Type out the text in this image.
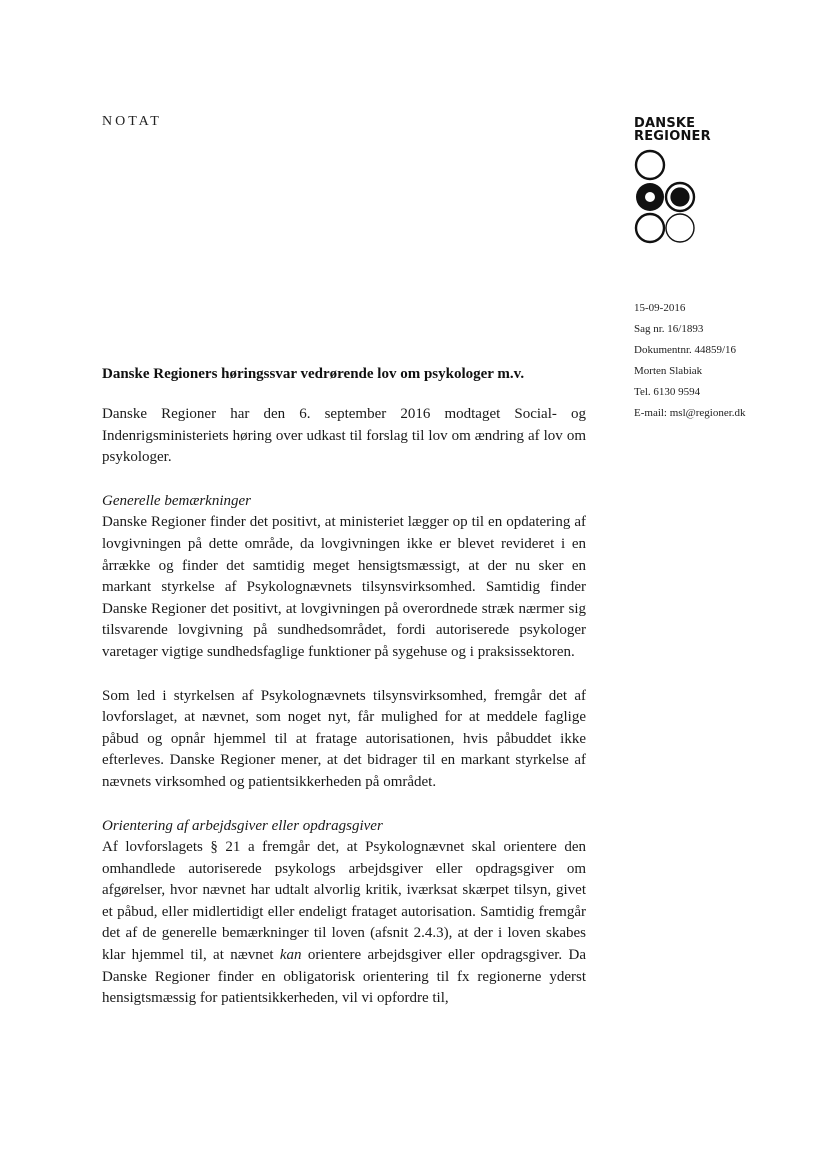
NOTAT	DANSKE
REGIONER
15-09-2016
Sag nr. 16/1893
Dokumentnr. 44859/16
Morten Slabiak
Tel. 6130 9594
E-mail: msl@regioner.dk
Danske Regioners høringssvar vedrørende lov om psykologer m.v.

Danske Regioner har den 6. september 2016 modtaget Social- og Indenrigsministeriets høring over udkast til forslag til lov om ændring af lov om psykologer.

Generelle bemærkninger

Danske Regioner finder det positivt, at ministeriet lægger op til en opdatering af lovgivningen på dette område, da lovgivningen ikke er blevet revideret i en årrække og finder det samtidig meget hensigtsmæssigt, at der nu sker en markant styrkelse af Psykolognævnets tilsynsvirksomhed. Samtidig finder Danske Regioner det positivt, at lovgivningen på overordnede stræk nærmer sig tilsvarende lovgivning på sundhedsområdet, fordi autoriserede psykologer varetager vigtige sundhedsfaglige funktioner på sygehuse og i praksissektoren.

Som led i styrkelsen af Psykolognævnets tilsynsvirksomhed, fremgår det af lovforslaget, at nævnet, som noget nyt, får mulighed for at meddele faglige påbud og opnår hjemmel til at fratage autorisationen, hvis påbuddet ikke efterleves. Danske Regioner mener, at det bidrager til en markant styrkelse af nævnets virksomhed og patientsikkerheden på området.

Orientering af arbejdsgiver eller opdragsgiver

Af lovforslagets § 21 a fremgår det, at Psykolognævnet skal orientere den omhandlede autoriserede psykologs arbejdsgiver eller opdragsgiver om afgørelser, hvor nævnet har udtalt alvorlig kritik, iværksat skærpet tilsyn, givet et påbud, eller midlertidigt eller endeligt frataget autorisation. Samtidig fremgår det af de generelle bemærkninger til loven (afsnit 2.4.3), at der i loven skabes klar hjemmel til, at nævnet kan orientere arbejdsgiver eller opdragsgiver. Da Danske Regioner finder en obligatorisk orientering til fx regionerne yderst hensigtsmæssig for patientsikkerheden, vil vi opfordre til,
